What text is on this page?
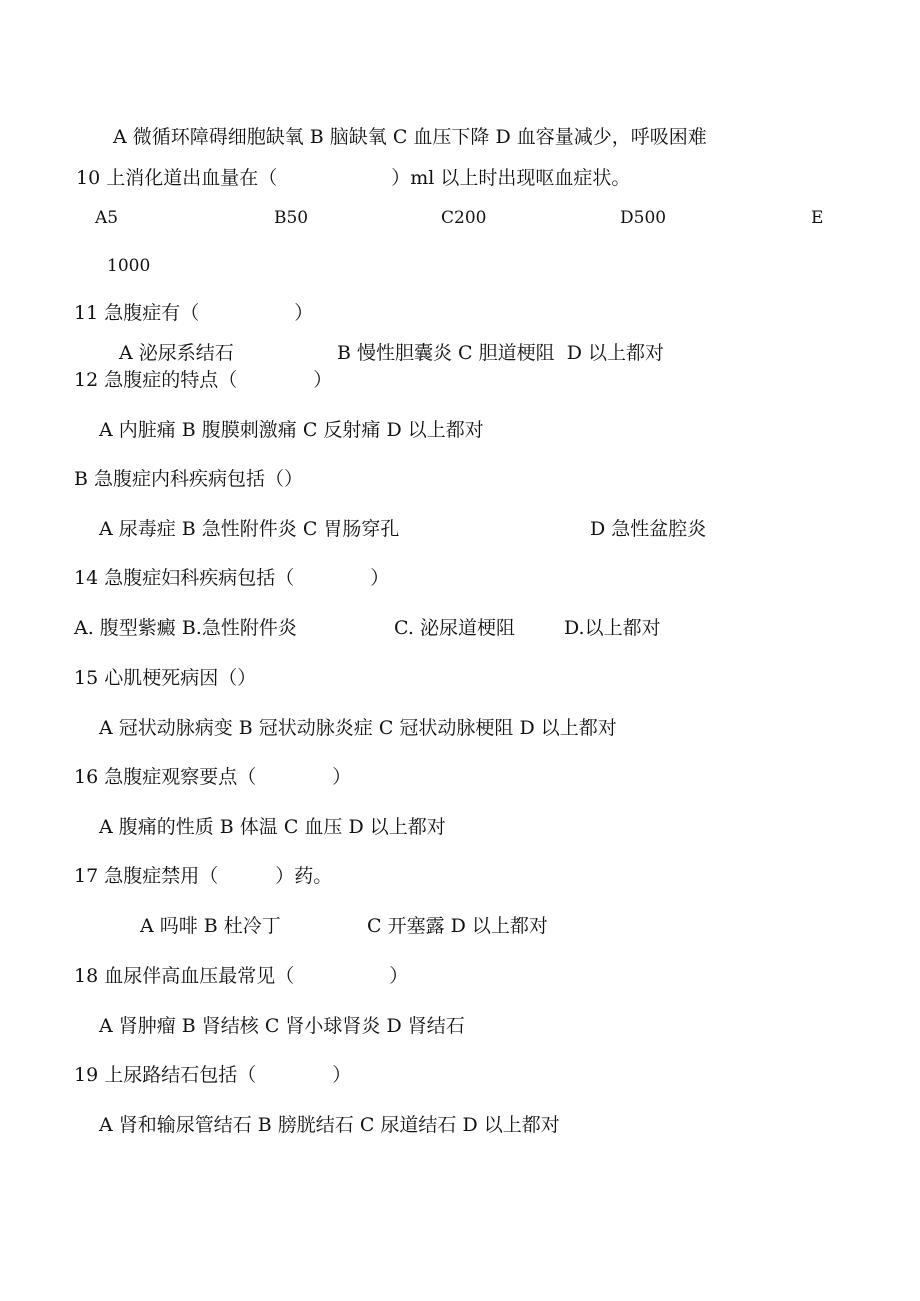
A 微循环障碍细胞缺氧 B 脑缺氧 C 血压下降 D 血容量减少，呼吸困难
10 上消化道出血量在（　　　　　　）ml 以上时出现呕血症状。
A5	B50	C200	D500	E
1000
11 急腹症有（　　　　　）
A 泌尿系结石	B 慢性胆囊炎 C 胆道梗阻  D 以上都对
12 急腹症的特点（　　　　）
A 内脏痛 B 腹膜刺激痛 C 反射痛 D 以上都对
B 急腹症内科疾病包括（）
A 尿毒症 B 急性附件炎 C 胃肠穿孔	D 急性盆腔炎
14 急腹症妇科疾病包括（　　　　）
A. 腹型紫癜 B.急性附件炎	C. 泌尿道梗阻	D.以上都对
15 心肌梗死病因（）
A 冠状动脉病变 B 冠状动脉炎症 C 冠状动脉梗阻 D 以上都对
16 急腹症观察要点（　　　　）
A 腹痛的性质 B 体温 C 血压 D 以上都对
17 急腹症禁用（　　　）药。
A 吗啡 B 杜冷丁	C 开塞露 D 以上都对
18 血尿伴高血压最常见（　　　　　）
A 肾肿瘤 B 肾结核 C 肾小球肾炎 D 肾结石
19 上尿路结石包括（　　　　）
A 肾和输尿管结石 B 膀胱结石 C 尿道结石 D 以上都对
